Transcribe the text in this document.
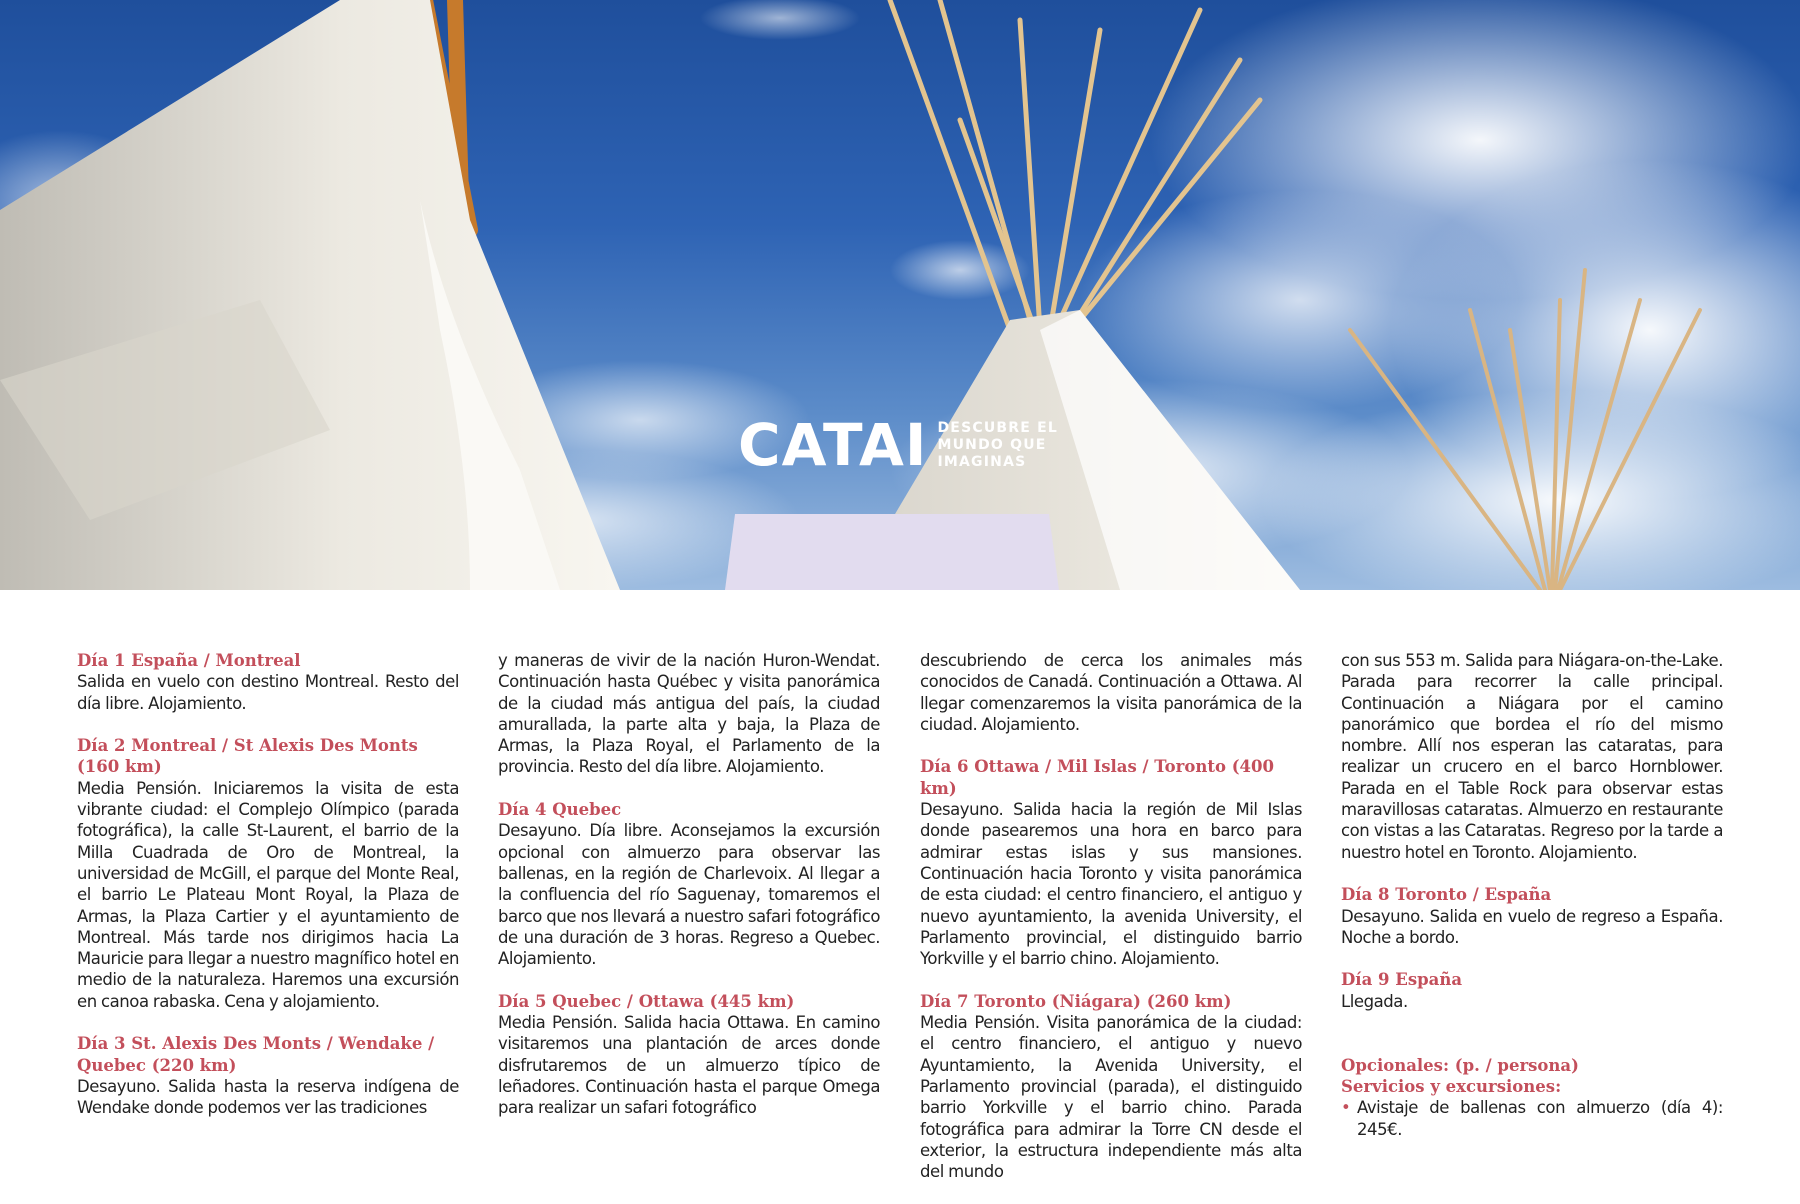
CATAI DESCUBRE EL
MUNDO QUE
IMAGINAS

Día 1 España / Montreal

Salida en vuelo con destino Montreal. Resto del día libre. Alojamiento.

Día 2 Montreal / St Alexis Des Monts (160 km)

Media Pensión. Iniciaremos la visita de esta vibrante ciudad: el Complejo Olímpico (parada fotográfica), la calle St-Laurent, el barrio de la Milla Cuadrada de Oro de Montreal, la universidad de McGill, el parque del Monte Real, el barrio Le Plateau Mont Royal, la Plaza de Armas, la Plaza Cartier y el ayuntamiento de Montreal. Más tarde nos dirigimos hacia La Mauricie para llegar a nuestro magnífico hotel en medio de la naturaleza. Haremos una excursión en canoa rabaska. Cena y alojamiento.

Día 3 St. Alexis Des Monts / Wendake / Quebec (220 km)

Desayuno. Salida hasta la reserva indígena de Wendake donde podemos ver las tradiciones

y maneras de vivir de la nación Huron-Wendat. Continuación hasta Québec y visita panorámica de la ciudad más antigua del país, la ciudad amurallada, la parte alta y baja, la Plaza de Armas, la Plaza Royal, el Parlamento de la provincia. Resto del día libre. Alojamiento.

Día 4 Quebec

Desayuno. Día libre. Aconsejamos la excursión opcional con almuerzo para observar las ballenas, en la región de Charlevoix. Al llegar a la confluencia del río Saguenay, tomaremos el barco que nos llevará a nuestro safari fotográfico de una duración de 3 horas. Regreso a Quebec. Alojamiento.

Día 5 Quebec / Ottawa (445 km)

Media Pensión. Salida hacia Ottawa. En camino visitaremos una plantación de arces donde disfrutaremos de un almuerzo típico de leñadores. Continuación hasta el parque Omega para realizar un safari fotográfico

descubriendo de cerca los animales más conocidos de Canadá. Continuación a Ottawa. Al llegar comenzaremos la visita panorámica de la ciudad. Alojamiento.

Día 6 Ottawa / Mil Islas / Toronto (400 km)

Desayuno. Salida hacia la región de Mil Islas donde pasearemos una hora en barco para admirar estas islas y sus mansiones. Continuación hacia Toronto y visita panorámica de esta ciudad: el centro financiero, el antiguo y nuevo ayuntamiento, la avenida University, el Parlamento provincial, el distinguido barrio Yorkville y el barrio chino. Alojamiento.

Día 7 Toronto (Niágara) (260 km)

Media Pensión. Visita panorámica de la ciudad: el centro financiero, el antiguo y nuevo Ayuntamiento, la Avenida University, el Parlamento provincial (parada), el distinguido barrio Yorkville y el barrio chino. Parada fotográfica para admirar la Torre CN desde el exterior, la estructura independiente más alta del mundo

con sus 553 m. Salida para Niágara-on-the-Lake. Parada para recorrer la calle principal. Continuación a Niágara por el camino panorámico que bordea el río del mismo nombre. Allí nos esperan las cataratas, para realizar un crucero en el barco Hornblower. Parada en el Table Rock para observar estas maravillosas cataratas. Almuerzo en restaurante con vistas a las Cataratas. Regreso por la tarde a nuestro hotel en Toronto. Alojamiento.

Día 8 Toronto / España

Desayuno. Salida en vuelo de regreso a España. Noche a bordo.

Día 9 España

Llegada.

Opcionales: (p. / persona)

Servicios y excursiones:

• Avistaje de ballenas con almuerzo (día 4): 245€.
